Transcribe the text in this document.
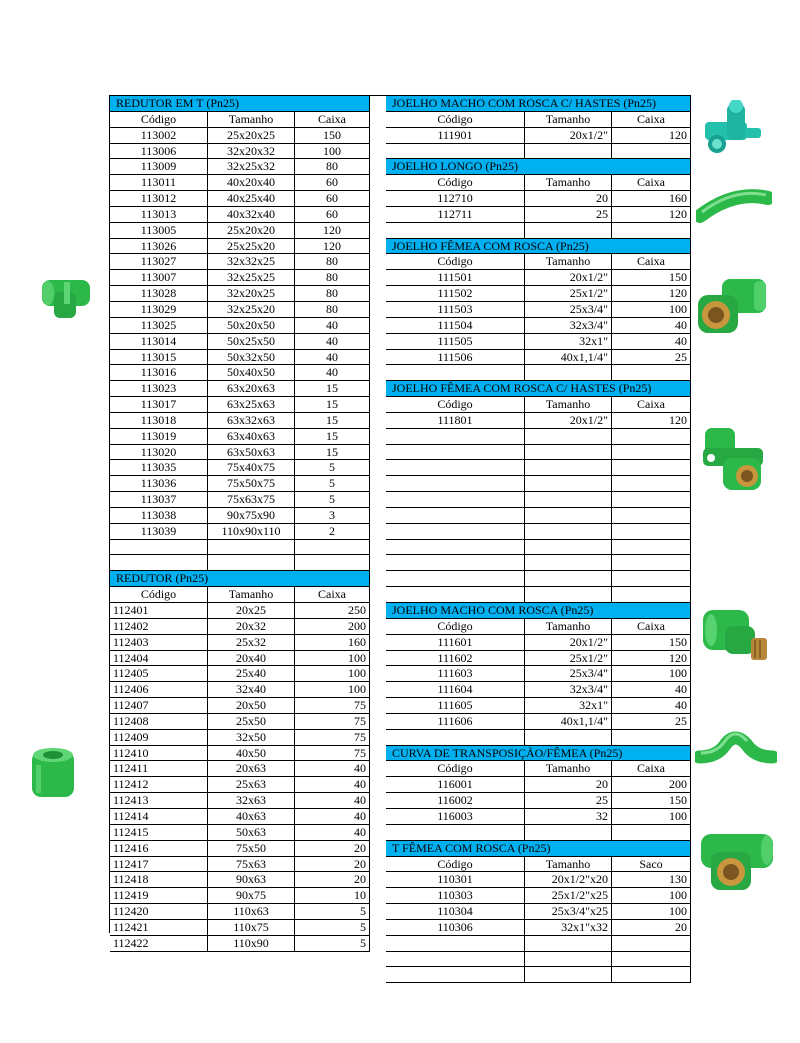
REDUTOR EM T (Pn25)
Código	Tamanho	Caixa
113002	25x20x25	150
113006	32x20x32	100
113009	32x25x32	80
113011	40x20x40	60
113012	40x25x40	60
113013	40x32x40	60
113005	25x20x20	120
113026	25x25x20	120
113027	32x32x25	80
113007	32x25x25	80
113028	32x20x25	80
113029	32x25x20	80
113025	50x20x50	40
113014	50x25x50	40
113015	50x32x50	40
113016	50x40x50	40
113023	63x20x63	15
113017	63x25x63	15
113018	63x32x63	15
113019	63x40x63	15
113020	63x50x63	15
113035	75x40x75	5
113036	75x50x75	5
113037	75x63x75	5
113038	90x75x90	3
113039	110x90x110	2
REDUTOR (Pn25)
Código	Tamanho	Caixa
112401	20x25	250
112402	20x32	200
112403	25x32	160
112404	20x40	100
112405	25x40	100
112406	32x40	100
112407	20x50	75
112408	25x50	75
112409	32x50	75
112410	40x50	75
112411	20x63	40
112412	25x63	40
112413	32x63	40
112414	40x63	40
112415	50x63	40
112416	75x50	20
112417	75x63	20
112418	90x63	20
112419	90x75	10
112420	110x63	5
112421	110x75	5
112422	110x90	5
JOELHO MACHO COM ROSCA C/ HASTES (Pn25)
Código	Tamanho	Caixa
111901	20x1/2"	120
JOELHO LONGO (Pn25)
Código	Tamanho	Caixa
112710	20	160
112711	25	120
JOELHO FÊMEA COM ROSCA (Pn25)
Código	Tamanho	Caixa
111501	20x1/2"	150
111502	25x1/2"	120
111503	25x3/4"	100
111504	32x3/4"	40
111505	32x1"	40
111506	40x1,1/4"	25
JOELHO FÊMEA COM ROSCA C/ HASTES (Pn25)
Código	Tamanho	Caixa
111801	20x1/2"	120
JOELHO MACHO COM ROSCA (Pn25)
Código	Tamanho	Caixa
111601	20x1/2"	150
111602	25x1/2"	120
111603	25x3/4"	100
111604	32x3/4"	40
111605	32x1"	40
111606	40x1,1/4"	25
CURVA DE TRANSPOSIÇÃO/FÊMEA (Pn25)
Código	Tamanho	Caixa
116001	20	200
116002	25	150
116003	32	100
T FÊMEA COM ROSCA (Pn25)
Código	Tamanho	Saco
110301	20x1/2"x20	130
110303	25x1/2"x25	100
110304	25x3/4"x25	100
110306	32x1"x32	20
